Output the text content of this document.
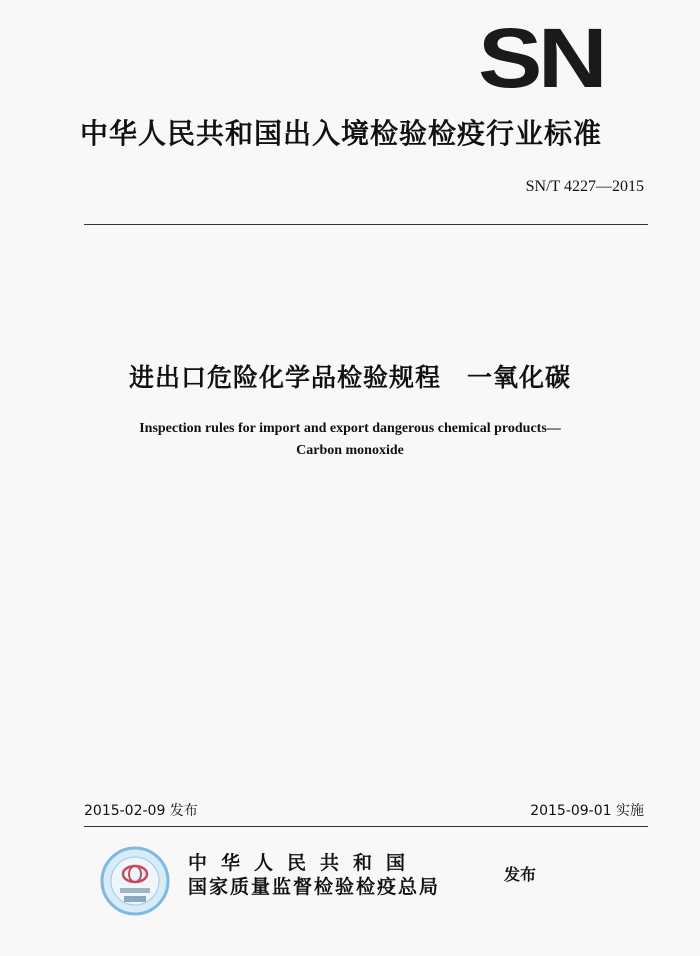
SN
中华人民共和国出入境检验检疫行业标准
SN/T 4227—2015
进出口危险化学品检验规程　一氧化碳
Inspection rules for import and export dangerous chemical products—
Carbon monoxide
2015-02-09 发布	2015-09-01 实施
中华人民共和国
国家质量监督检验检疫总局
发布
